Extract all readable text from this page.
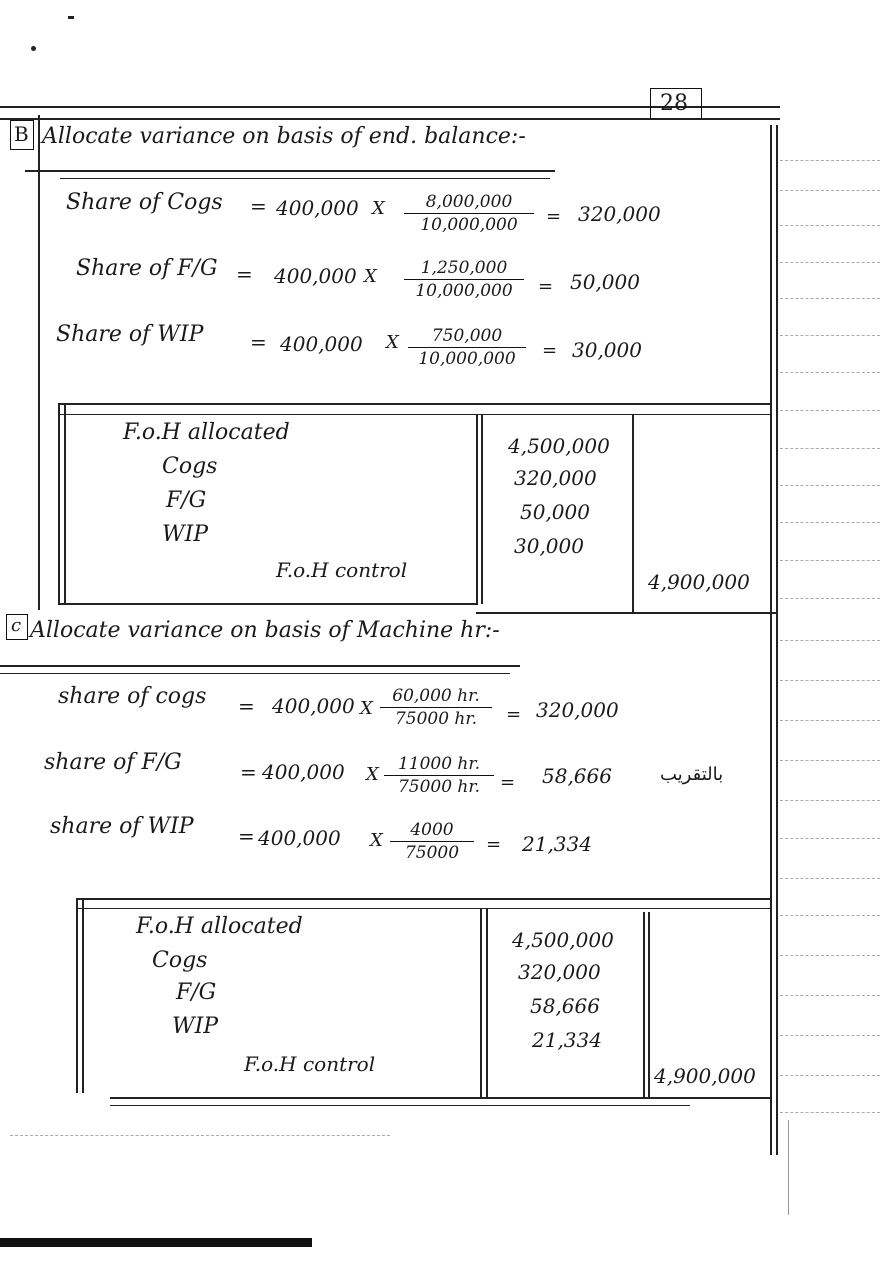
28
B Allocate variance on basis of end. balance:-
Share of Cogs = 400,000 X $\frac{8,000,000}{10,000,000} = 320,000$
Share of F/G = 400,000 X $\frac{1,250,000}{10,000,000} = 50,000$
Share of WIP = 400,000 X $\frac{750,000}{10,000,000} = 30,000$
F.o.H allocated
Cogs
F/G
WIP
F.o.H control
4,500,000
320,000
50,000
30,000
4,900,000
c Allocate variance on basis of Machine hr:-
share of cogs = 400,000 X $\frac{60,000 hr.}{75000 hr.} = 320,000$
share of F/G	= 400,000 X $\frac{11000 hr.}{75000 hr.} = 58,666$	بالتقريب
share of WIP = 400,000 X $\frac{4000}{75000} = 21,334$
F.o.H allocated
Cogs
F/G
WIP
F.o.H control
4,500,000
320,000
58,666
21,334
4,900,000
